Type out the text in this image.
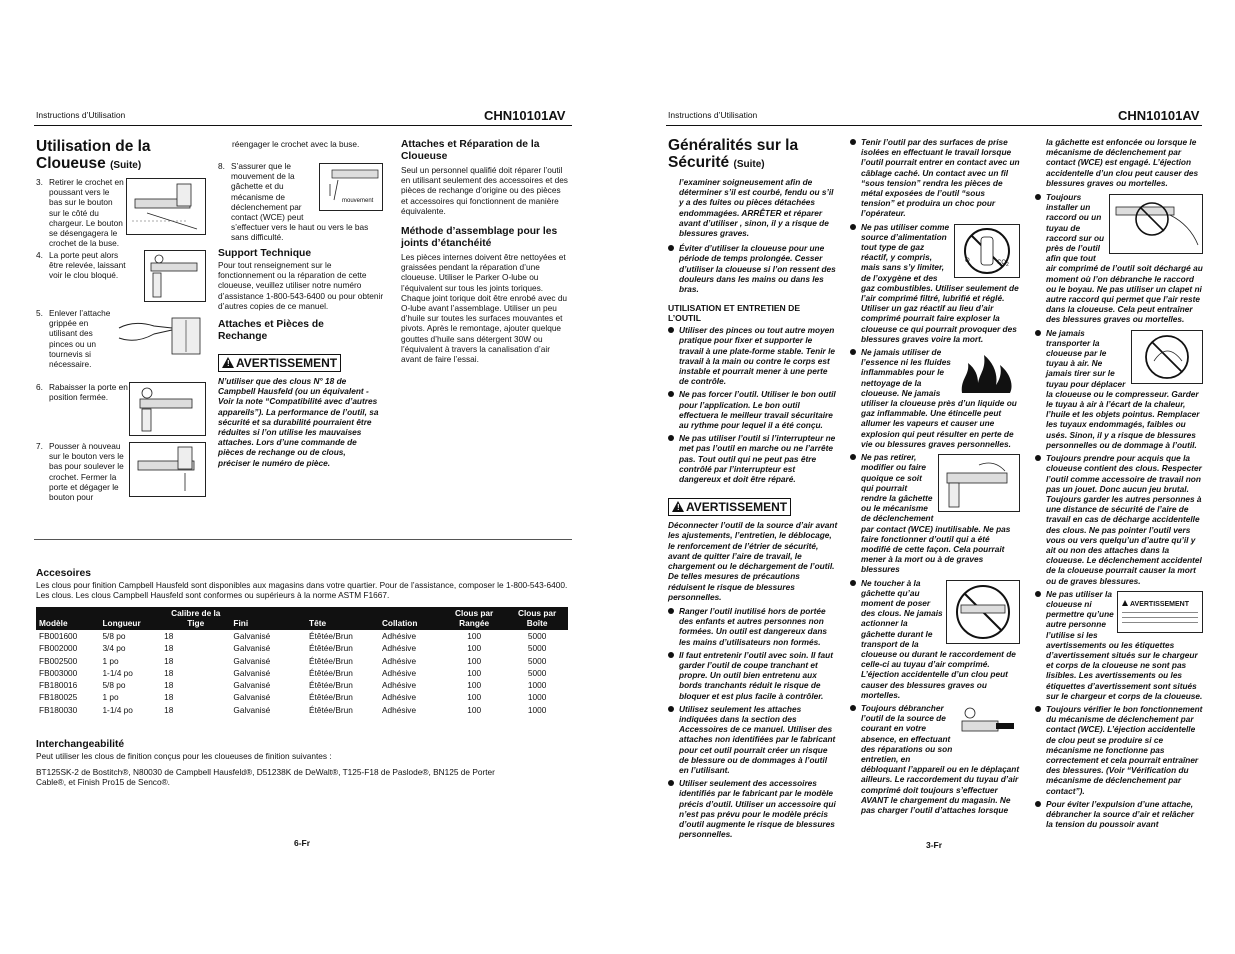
Instructions d’Utilisation	CHN10101AV
Utilisation de la Cloueuse (Suite)
3. Retirer le crochet en poussant vers le bas sur le bouton sur le côté du chargeur. Le bouton se désengagera le crochet de la buse.
4. La porte peut alors être relevée, laissant voir le clou bloqué.
5. Enlever l’attache grippée en utilisant des pinces ou un tournevis si nécessaire.
6. Rabaisser la porte en position fermée.
7. Pousser à nouveau sur le bouton vers le bas pour soulever le crochet. Fermer la porte et dégager le bouton pour

réengager le crochet avec la buse.

8.
mouvement
S’assurer que le mouvement de la gâchette et du mécanisme de déclenchement par contact (WCE) peut s’effectuer vers le haut ou vers le bas sans difficulté.
Support Technique

Pour tout renseignement sur le fonctionnement ou la réparation de cette cloueuse, veuillez utiliser notre numéro d’assistance 1-800-543-6400 ou pour obtenir d’autres copies de ce manuel.

Attaches et Pièces de Rechange
! AVERTISSEMENT

N’utiliser que des clous N° 18 de Campbell Hausfeld (ou un équivalent - Voir la note “Compatibilité avec d’autres appareils”). La performance de l’outil, sa sécurité et sa durabilité pourraient être réduites si l’on utilise les mauvaises attaches. Lors d’une commande de pièces de rechange ou de clous, préciser le numéro de pièce.

Attaches et Réparation de la Cloueuse

Seul un personnel qualifié doit réparer l’outil en utilisant seulement des accessoires et des pièces de rechange d’origine ou des pièces et accessoires qui fonctionnent de manière équivalente.

Méthode d’assemblage pour les joints d’étanchéité

Les pièces internes doivent être nettoyées et graissées pendant la réparation d’une cloueuse. Utiliser le Parker O-lube ou l’équivalent sur tous les joints toriques. Chaque joint torique doit être enrobé avec du O-lube avant l’assemblage. Utiliser un peu d’huile sur toutes les surfaces mouvantes et pivots. Après le remontage, ajouter quelque gouttes d’huile sans détergent 30W ou l’équivalent à travers la canalisation d’air avant de faire l’essai.

Accesoires

Les clous pour finition Campbell Hausfeld sont disponibles aux magasins dans votre quartier. Pour de l’assistance, composer le 1-800-543-6400. Les clous. Les clous Campbell Hausfeld sont conformes ou supérieurs à la norme ASTM F1667.

Modèle	Longueur	Calibre de la Tige	Fini	Tête	Collation	Clous par Rangée	Clous par Boîte
FB001600	5/8 po	18	Galvanisé	Étêtée/Brun	Adhésive	100	5000
FB002000	3/4 po	18	Galvanisé	Étêtée/Brun	Adhésive	100	5000
FB002500	1 po	18	Galvanisé	Étêtée/Brun	Adhésive	100	5000
FB003000	1-1/4 po	18	Galvanisé	Étêtée/Brun	Adhésive	100	5000
FB180016	5/8 po	18	Galvanisé	Étêtée/Brun	Adhésive	100	1000
FB180025	1 po	18	Galvanisé	Étêtée/Brun	Adhésive	100	1000
FB180030	1-1/4 po	18	Galvanisé	Étêtée/Brun	Adhésive	100	1000
Interchangeabilité

Peut utiliser les clous de finition conçus pour les cloueuses de finition suivantes :

BT125SK-2 de Bostitch®, N80030 de Campbell Hausfeld®, D51238K de DeWalt®, T125-F18 de Paslode®, BN125 de Porter Cable®, et Finish Pro15 de Senco®.

6-Fr
Instructions d’Utilisation	CHN10101AV
Généralités sur la Sécurité (Suite)

l’examiner soigneusement afin de déterminer s’il est courbé, fendu ou s’il y a des fuites ou pièces détachées endommagées. ARRÊTER et réparer avant d’utiliser , sinon, il y a risque de blessures graves.

Éviter d’utiliser la cloueuse pour une période de temps prolongée. Cesser d’utiliser la cloueuse si l’on ressent des douleurs dans les mains ou dans les bras.
UTILISATION ET ENTRETIEN DE L’OUTIL
Utiliser des pinces ou tout autre moyen pratique pour fixer et supporter le travail à une plate-forme stable. Tenir le travail à la main ou contre le corps est instable et pourrait mener à une perte de contrôle.
Ne pas forcer l’outil. Utiliser le bon outil pour l’application. Le bon outil effectuera le meilleur travail sécuritaire au rythme pour lequel il a été conçu.
Ne pas utiliser l’outil si l’interrupteur ne met pas l’outil en marche ou ne l’arrête pas. Tout outil qui ne peut pas être contrôlé par l’interrupteur est dangereux et doit être réparé.
! AVERTISSEMENT

Déconnecter l’outil de la source d’air avant les ajustements, l’entretien, le déblocage, le renforcement de l’étrier de sécurité, avant de quitter l’aire de travail, le chargement ou le déchargement de l’outil. De telles mesures de précautions réduisent le risque de blessures personnelles.

Ranger l’outil inutilisé hors de portée des enfants et autres personnes non formées. Un outil est dangereux dans les mains d’utilisateurs non formés.
Il faut entretenir l’outil avec soin. Il faut garder l’outil de coupe tranchant et propre. Un outil bien entretenu aux bords tranchants réduit le risque de bloquer et est plus facile à contrôler.
Utilisez seulement les attaches indiquées dans la section des Accessoires de ce manuel. Utiliser des attaches non identifiées par le fabricant pour cet outil pourrait créer un risque de blessure ou de dommages à l’outil en l’utilisant.
Utiliser seulement des accessoires identifiés par le fabricant par le modèle précis d’outil. Utiliser un accessoire qui n’est pas prévu pour le modèle précis d’outil augmente le risque de blessures personnelles.
Tenir l’outil par des surfaces de prise isolées en effectuant le travail lorsque l’outil pourrait entrer en contact avec un câblage caché. Un contact avec un fil “sous tension” rendra les pièces de métal exposées de l’outil “sous tension” et produira un choc pour l’opérateur.
O	$CO_2$
Ne pas utiliser comme source d’alimentation tout type de gaz réactif, y compris, mais sans s’y limiter, de l’oxygène et des gaz combustibles. Utiliser seulement de l’air comprimé filtré, lubrifié et réglé. Utiliser un gaz réactif au lieu d’air comprimé pourrait faire exploser la cloueuse ce qui pourrait provoquer des blessures graves voire la mort.
Ne jamais utiliser de l’essence ni les fluides inflammables pour le nettoyage de la cloueuse. Ne jamais utiliser la cloueuse près d’un liquide ou gaz inflammable. Une étincelle peut allumer les vapeurs et causer une explosion qui peut résulter en perte de vie ou blessures graves personnelles.
Ne pas retirer, modifier ou faire quoique ce soit qui pourrait rendre la gâchette ou le mécanisme de déclenchement par contact (WCE) inutilisable. Ne pas faire fonctionner d’outil qui a été modifié de cette façon. Cela pourrait mener à la mort ou à de graves blessures
Ne toucher à la gâchette qu’au moment de poser des clous. Ne jamais actionner la gâchette durant le transport de la cloueuse ou durant le raccordement de celle-ci au tuyau d’air comprimé. L’éjection accidentelle d’un clou peut causer des blessures graves ou mortelles.
Toujours débrancher l’outil de la source de courant en votre absence, en effectuant des réparations ou son entretien, en débloquant l’appareil ou en le déplaçant ailleurs. Le raccordement du tuyau d’air comprimé doit toujours s’effectuer AVANT le chargement du magasin. Ne pas charger l’outil d’attaches lorsque

la gâchette est enfoncée ou lorsque le mécanisme de déclenchement par contact (WCE) est engagé. L’éjection accidentelle d’un clou peut causer des blessures graves ou mortelles.

Toujours installer un raccord ou un tuyau de raccord sur ou près de l’outil afin que tout air comprimé de l’outil soit déchargé au moment où l’on débranche le raccord ou le boyau. Ne pas utiliser un clapet ni autre raccord qui permet que l’air reste dans la cloueuse. Cela peut entraîner des blessures graves ou mortelles.
Ne jamais transporter la cloueuse par le tuyau à air. Ne jamais tirer sur le tuyau pour déplacer la cloueuse ou le compresseur. Garder le tuyau à air à l’écart de la chaleur, l’huile et les objets pointus. Remplacer les tuyaux endommagés, faibles ou usés. Sinon, il y a risque de blessures personnelles ou de dommage à l’outil.
Toujours prendre pour acquis que la cloueuse contient des clous. Respecter l’outil comme accessoire de travail non pas un jouet. Donc aucun jeu brutal. Toujours garder les autres personnes à une distance de sécurité de l’aire de travail en cas de décharge accidentelle des clous. Ne pas pointer l’outil vers vous ou vers quelqu’un d’autre qu’il y ait ou non des attaches dans la cloueuse. Le déclenchement accidentel de la cloueuse pourrait causer la mort ou de graves blessures.
AVERTISSEMENT
Ne pas utiliser la cloueuse ni permettre qu’une autre personne l’utilise si les avertissements ou les étiquettes d’avertissement situés sur le chargeur et corps de la cloueuse ne sont pas lisibles. Les avertissements ou les étiquettes d’avertissement sont situés sur le chargeur et corps de la cloueuse.
Toujours vérifier le bon fonctionnement du mécanisme de déclenchement par contact (WCE). L’éjection accidentelle de clou peut se produire si ce mécanisme ne fonctionne pas correctement et cela pourrait entraîner des blessures. (Voir “Vérification du mécanisme de déclenchement par contact”).
Pour éviter l’expulsion d’une attache, débrancher la source d’air et relâcher la tension du poussoir avant
3-Fr
